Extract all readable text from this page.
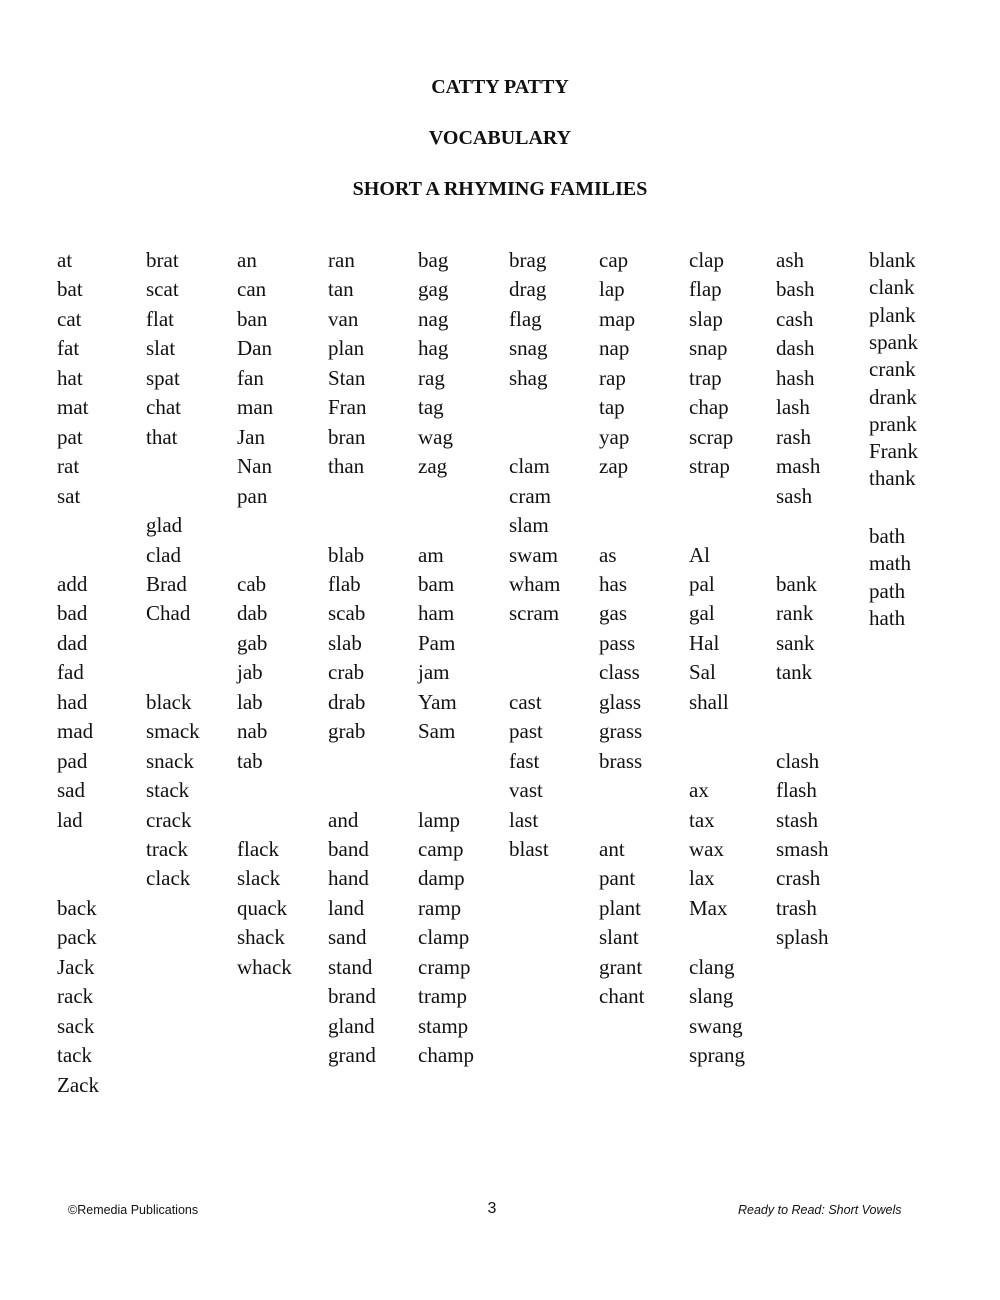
CATTY PATTY
VOCABULARY
SHORT A RHYMING FAMILIES
at
bat
cat
fat
hat
mat
pat
rat
sat
add
bad
dad
fad
had
mad
pad
sad
lad
back
pack
Jack
rack
sack
tack
Zack
brat
scat
flat
slat
spat
chat
that
glad
clad
Brad
Chad
black
smack
snack
stack
crack
track
clack
an
can
ban
Dan
fan
man
Jan
Nan
pan
cab
dab
gab
jab
lab
nab
tab
flack
slack
quack
shack
whack
ran
tan
van
plan
Stan
Fran
bran
than
blab
flab
scab
slab
crab
drab
grab
and
band
hand
land
sand
stand
brand
gland
grand
bag
gag
nag
hag
rag
tag
wag
zag
am
bam
ham
Pam
jam
Yam
Sam
lamp
camp
damp
ramp
clamp
cramp
tramp
stamp
champ
brag
drag
flag
snag
shag
clam
cram
slam
swam
wham
scram
cast
past
fast
vast
last
blast
cap
lap
map
nap
rap
tap
yap
zap
as
has
gas
pass
class
glass
grass
brass
ant
pant
plant
slant
grant
chant
clap
flap
slap
snap
trap
chap
scrap
strap
Al
pal
gal
Hal
Sal
shall
ax
tax
wax
lax
Max
clang
slang
swang
sprang
ash
bash
cash
dash
hash
lash
rash
mash
sash
bank
rank
sank
tank
clash
flash
stash
smash
crash
trash
splash
blank
clank
plank
spank
crank
drank
prank
Frank
thank
bath
math
path
hath
©Remedia Publications	3	Ready to Read: Short Vowels
